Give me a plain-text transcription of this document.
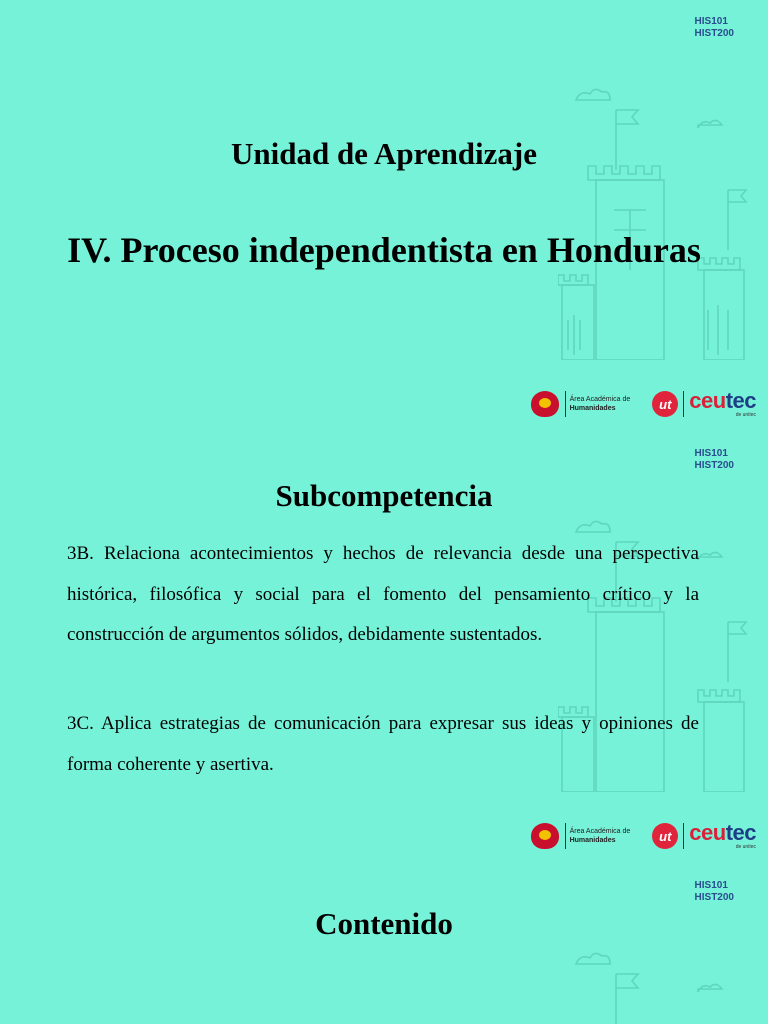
HIS101
HIST200
Unidad de Aprendizaje
IV. Proceso independentista en Honduras
Área Académica de
Humanidades	ut ceutec
de unitec
HIS101
HIST200
Subcompetencia
3B. Relaciona acontecimientos y hechos de relevancia desde una perspectiva histórica, filosófica y social para el fomento del pensamiento crítico y la construcción de argumentos sólidos, debidamente sustentados.
3C. Aplica estrategias de comunicación para expresar sus ideas y opiniones de forma coherente y asertiva.
Área Académica de
Humanidades	ut ceutec
de unitec
HIS101
HIST200
Contenido
